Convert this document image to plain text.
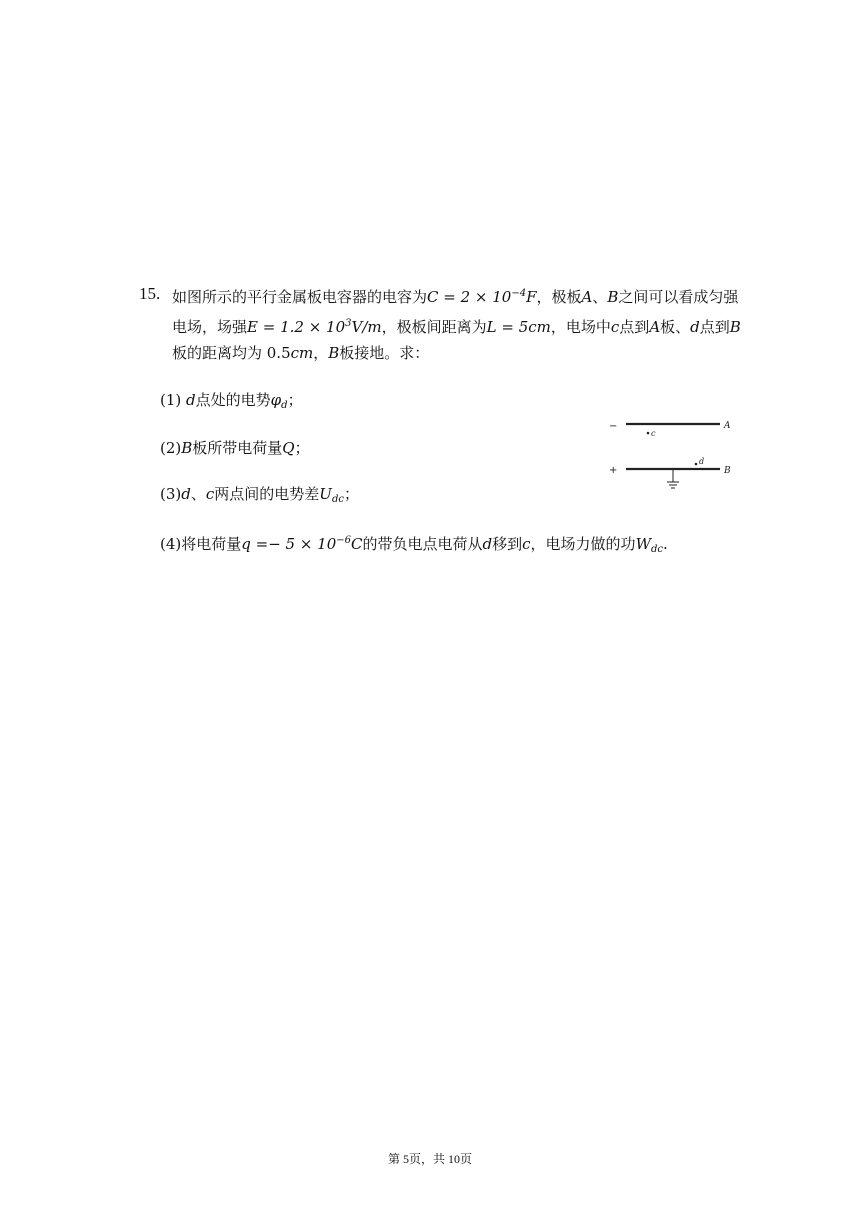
15. 如图所示的平行金属板电容器的电容为$C = 2 \times 10^{-4}F$，极板A、B之间可以看成匀强
电场，场强$E = 1.2 \times 10^3V/m$，极板间距离为L = 5cm，电场中c点到A板、d点到B
板的距离均为 0.5cm，B板接地。求：
(1) d点处的电势$\varphi_d$；
(2)B板所带电荷量Q；
(3)d、c两点间的电势差$U_{dc}$；
(4)将电荷量$q =- 5 \times 10^{-6}C$的带负电点电荷从d移到c，电场力做的功$W_{dc}$.
−	A
c
+	B
d
第 5页，共 10页
